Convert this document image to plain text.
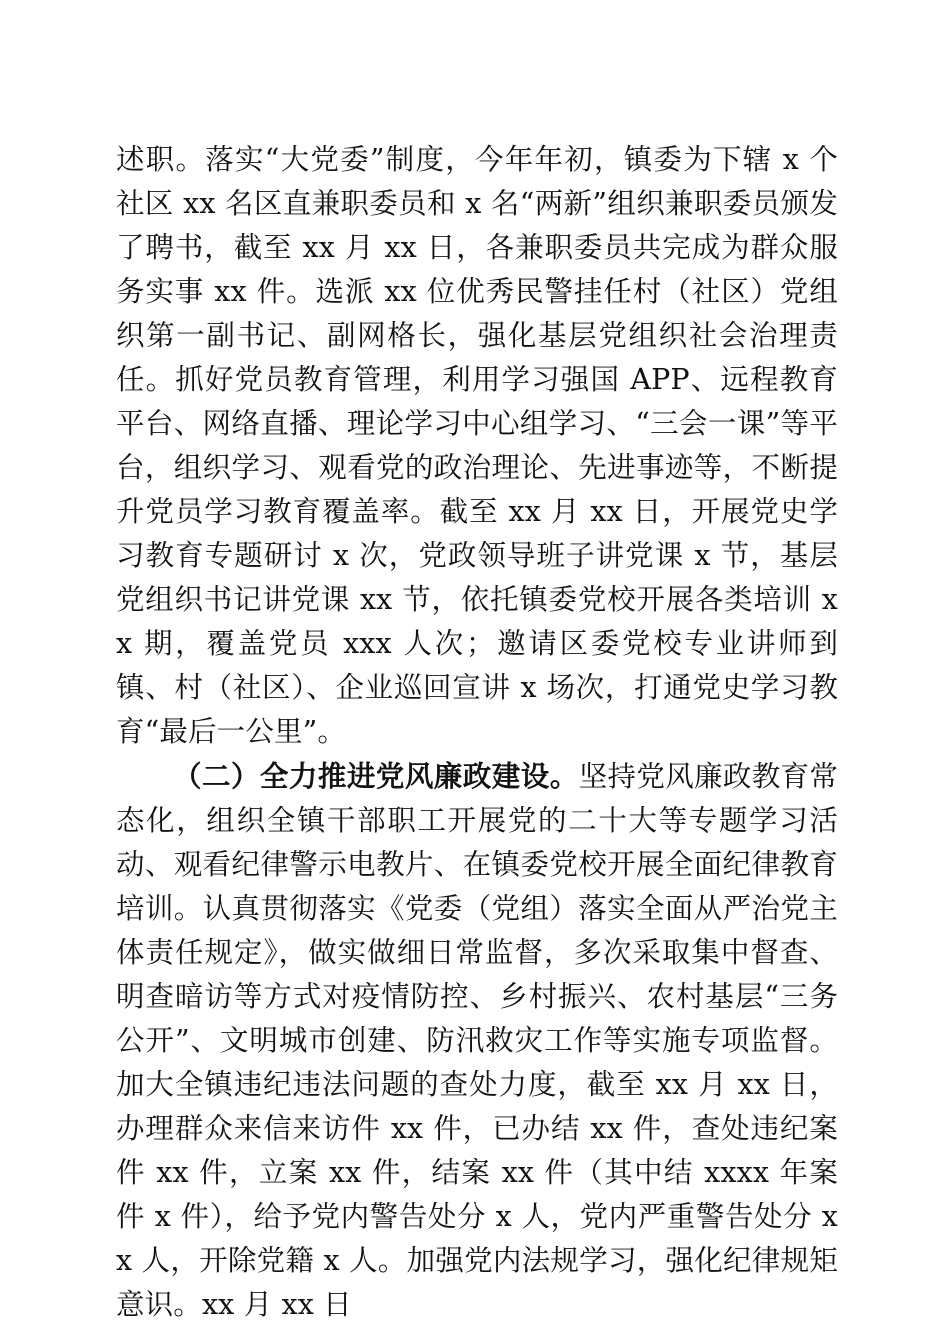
述职。落实“大党委”制度，今年年初，镇委为下辖 x 个社区 xx 名区直兼职委员和 x 名“两新”组织兼职委员颁发了聘书，截至 xx 月 xx 日，各兼职委员共完成为群众服务实事 xx 件。选派 xx 位优秀民警挂任村（社区）党组织第一副书记、副网格长，强化基层党组织社会治理责任。抓好党员教育管理，利用学习强国 APP、远程教育平台、网络直播、理论学习中心组学习、“三会一课”等平台，组织学习、观看党的政治理论、先进事迹等，不断提升党员学习教育覆盖率。截至 xx 月 xx 日，开展党史学习教育专题研讨 x 次，党政领导班子讲党课 x 节，基层党组织书记讲党课 xx 节，依托镇委党校开展各类培训 xx 期，覆盖党员 xxx 人次；邀请区委党校专业讲师到镇、村（社区）、企业巡回宣讲 x 场次，打通党史学习教育“最后一公里”。

（二）全力推进党风廉政建设。坚持党风廉政教育常态化，组织全镇干部职工开展党的二十大等专题学习活动、观看纪律警示电教片、在镇委党校开展全面纪律教育培训。认真贯彻落实《党委（党组）落实全面从严治党主体责任规定》，做实做细日常监督，多次采取集中督查、明查暗访等方式对疫情防控、乡村振兴、农村基层“三务公开”、文明城市创建、防汛救灾工作等实施专项监督。加大全镇违纪违法问题的查处力度，截至 xx 月 xx 日，办理群众来信来访件 xx 件，已办结 xx 件，查处违纪案件 xx 件，立案 xx 件，结案 xx 件（其中结 xxxx 年案件 x 件），给予党内警告处分 x 人，党内严重警告处分 xx 人，开除党籍 x 人。加强党内法规学习，强化纪律规矩意识。xx 月 xx 日
